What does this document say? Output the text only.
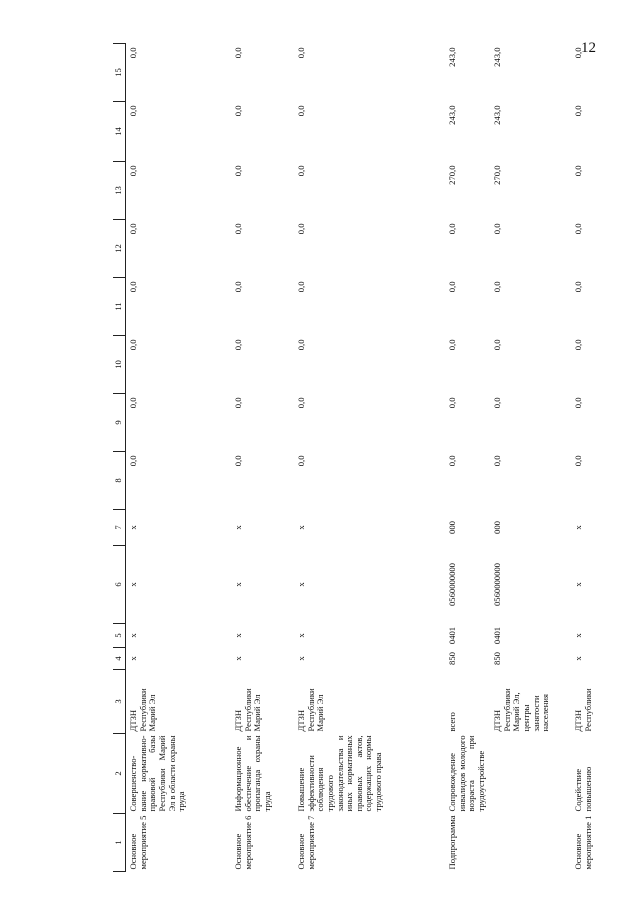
12
1	2	3	4	5	6	7	8	9	10	11	12	13	14	15
Основное мероприятие 5	Совершенство-вание нормативно-правовой базы Республики Марий Эл в области охраны труда	ДТЗН Республики Марий Эл	x	x	x	x	0,0	0,0	0,0	0,0	0,0	0,0	0,0	0,0
Основное мероприятие 6	Информационное обеспечение и пропаганда охраны труда	ДТЗН Республики Марий Эл	x	x	x	x	0,0	0,0	0,0	0,0	0,0	0,0	0,0	0,0
Основное мероприятие 7	Повышение эффективности соблюдения трудового законодательства и иных нормативных правовых актов, содержащих нормы трудового права	ДТЗН Республики Марий Эл	x	x	x	x	0,0	0,0	0,0	0,0	0,0	0,0	0,0	0,0
Подпрограмма	Сопровождение инвалидов молодого возраста при трудоустройстве	всего	850	0401	0560000000	000	0,0	0,0	0,0	0,0	0,0	270,0	243,0	243,0
		ДТЗН Республики Марий Эл, центры занятости населения	850	0401	0560000000	000	0,0	0,0	0,0	0,0	0,0	270,0	243,0	243,0
Основное мероприятие 1	Содействие повышению	ДТЗН Республики	x	x	x	x	0,0	0,0	0,0	0,0	0,0	0,0	0,0	0,0
